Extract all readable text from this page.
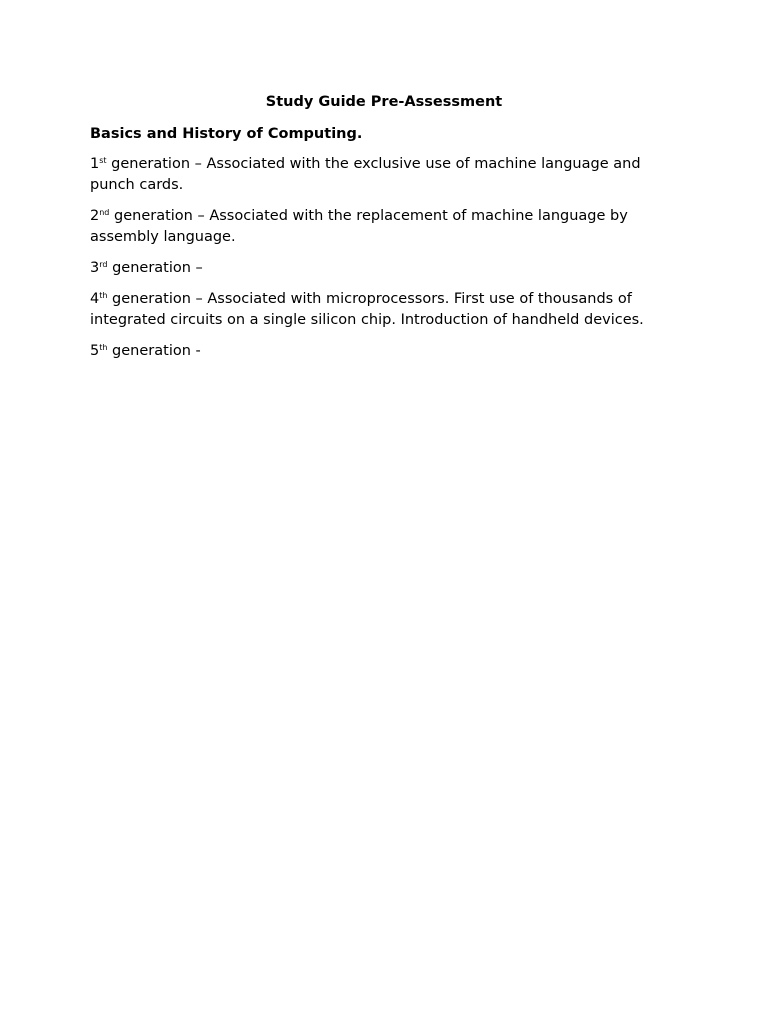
Study Guide Pre-Assessment

Basics and History of Computing.

1st generation – Associated with the exclusive use of machine language and punch cards.

2nd generation – Associated with the replacement of machine language by assembly language.

3rd generation –

4th generation – Associated with microprocessors. First use of thousands of integrated circuits on a single silicon chip. Introduction of handheld devices.

5th generation -
